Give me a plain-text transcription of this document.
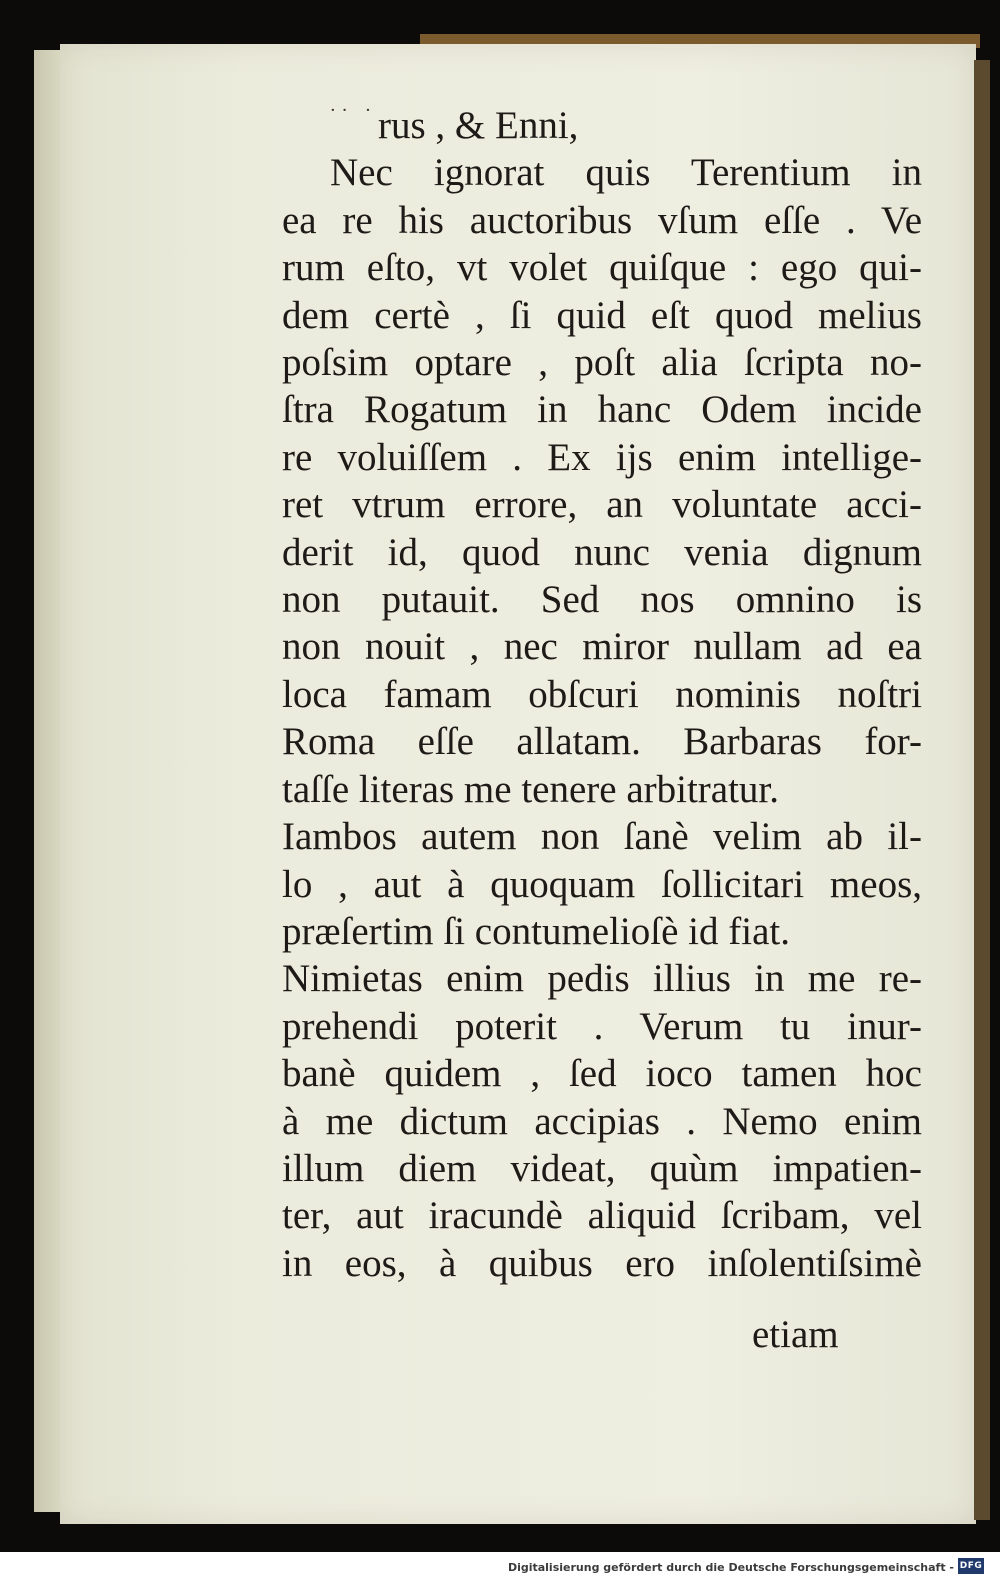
·· · rus , & Enni,
Nec ignorat quis Terentium in
ea re his auctoribus vſum eſſe . Ve
rum eſto, vt volet quiſque : ego qui-
dem certè , ſi quid eſt quod melius
poſsim optare , poſt alia ſcripta no-
ſtra Rogatum in hanc Odem incide
re voluiſſem . Ex ijs enim intellige-
ret vtrum errore, an voluntate acci-
derit id, quod nunc venia dignum
non putauit. Sed nos omnino is
non nouit , nec miror nullam ad ea
loca famam obſcuri nominis noſtri
Roma eſſe allatam. Barbaras for-
taſſe literas me tenere arbitratur.
Iambos autem non ſanè velim ab il-
lo , aut à quoquam ſollicitari meos,
præſertim ſi contumelioſè id fiat.
Nimietas enim pedis illius in me re-
prehendi poterit . Verum tu inur-
banè quidem , ſed ioco tamen hoc
à me dictum accipias . Nemo enim
illum diem videat, quùm impatien-
ter, aut iracundè aliquid ſcribam, vel
in eos, à quibus ero inſolentiſsimè
etiam
Digitalisierung gefördert durch die Deutsche Forschungsgemeinschaft - DFG
